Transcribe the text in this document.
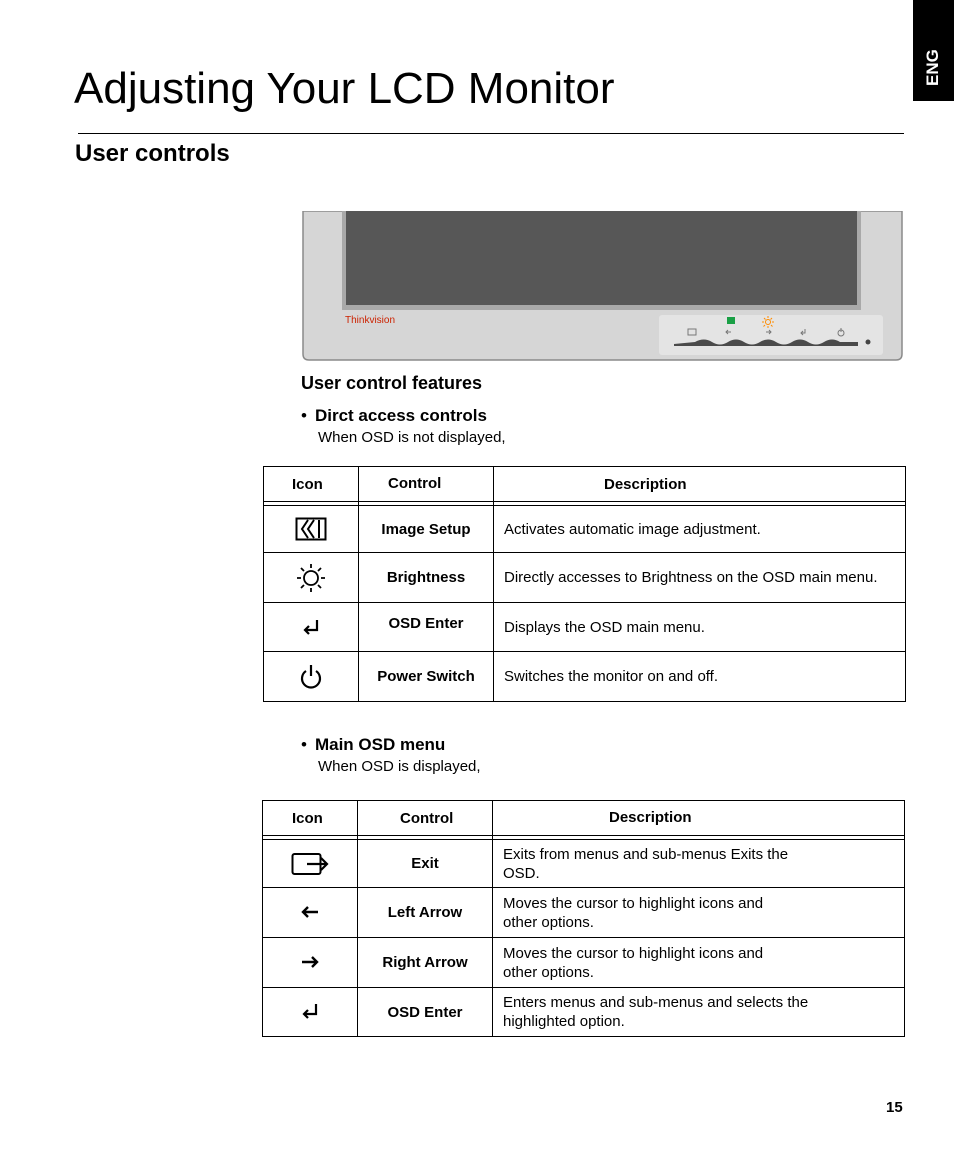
ENG
Adjusting Your LCD Monitor
User controls
Thinkvision
User control features
• Dirct access controls
When OSD is not displayed,
Icon	Control	Description

	Image Setup	Activates automatic image adjustment.
	Brightness	Directly accesses to Brightness on the OSD main menu.
	OSD Enter	Displays the OSD main menu.
	Power Switch	Switches the monitor on and off.
• Main OSD menu
When OSD is displayed,
Icon	Control	Description

	Exit	Exits from menus and sub-menus Exits the OSD.
	Left Arrow	Moves the cursor to highlight icons and other options.
	Right Arrow	Moves the cursor to highlight icons and other options.
	OSD Enter	Enters menus and sub-menus and selects the highlighted option.
15
